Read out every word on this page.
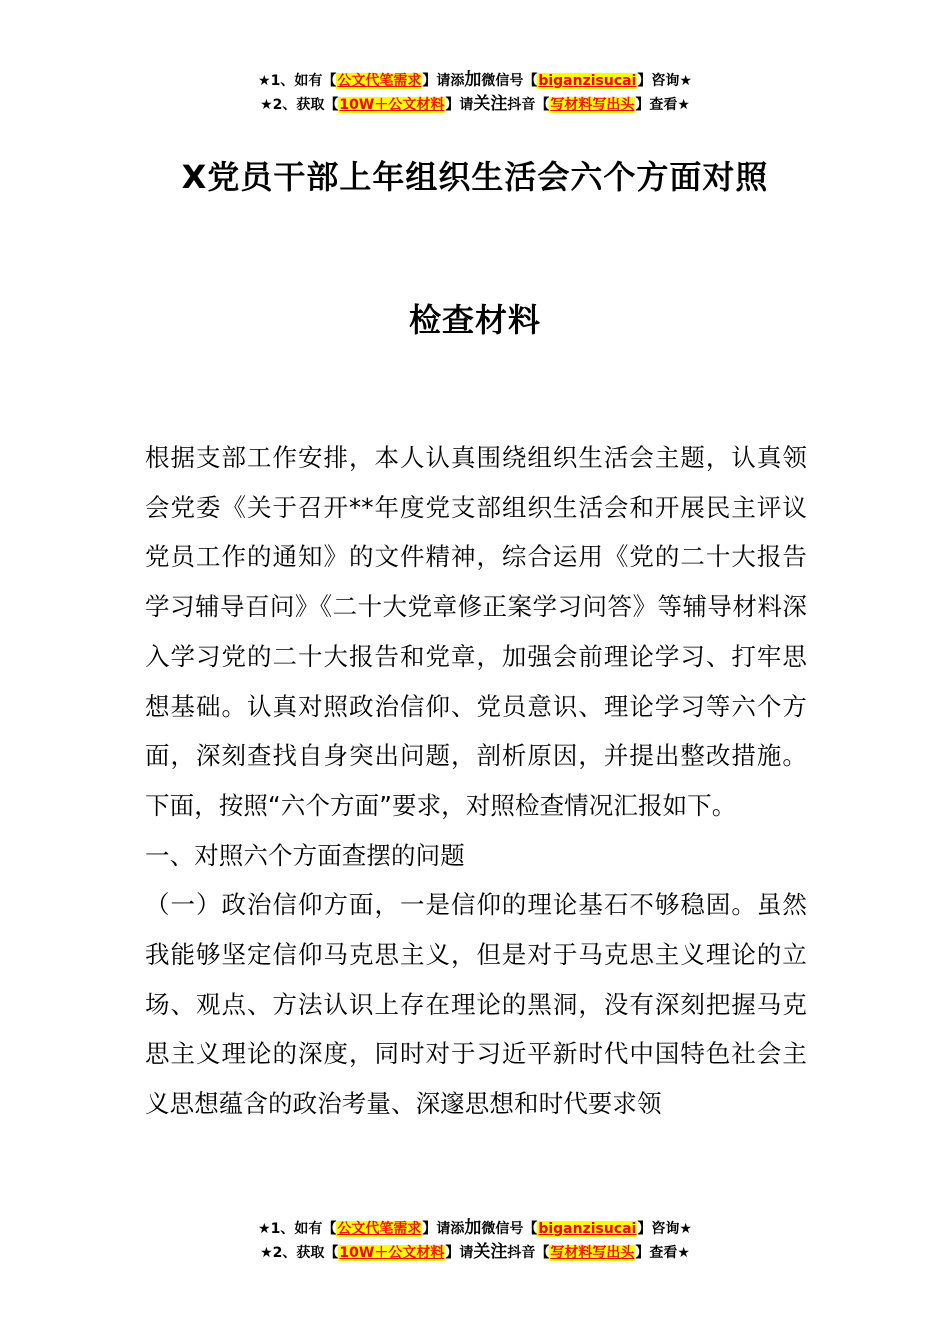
★1、如有【公文代笔需求】请添加微信号【biganzisucai】咨询★
★2、获取【10W＋公文材料】请关注抖音【写材料写出头】查看★
X党员干部上年组织生活会六个方面对照
检查材料

根据支部工作安排，本人认真围绕组织生活会主题，认真领会党委《关于召开**年度党支部组织生活会和开展民主评议党员工作的通知》的文件精神，综合运用《党的二十大报告学习辅导百问》《二十大党章修正案学习问答》等辅导材料深入学习党的二十大报告和党章，加强会前理论学习、打牢思想基础。认真对照政治信仰、党员意识、理论学习等六个方面，深刻查找自身突出问题，剖析原因，并提出整改措施。下面，按照“六个方面”要求，对照检查情况汇报如下。

一、对照六个方面查摆的问题

（一）政治信仰方面，一是信仰的理论基石不够稳固。虽然我能够坚定信仰马克思主义，但是对于马克思主义理论的立场、观点、方法认识上存在理论的黑洞，没有深刻把握马克思主义理论的深度，同时对于习近平新时代中国特色社会主义思想蕴含的政治考量、深邃思想和时代要求领

★1、如有【公文代笔需求】请添加微信号【biganzisucai】咨询★
★2、获取【10W＋公文材料】请关注抖音【写材料写出头】查看★
